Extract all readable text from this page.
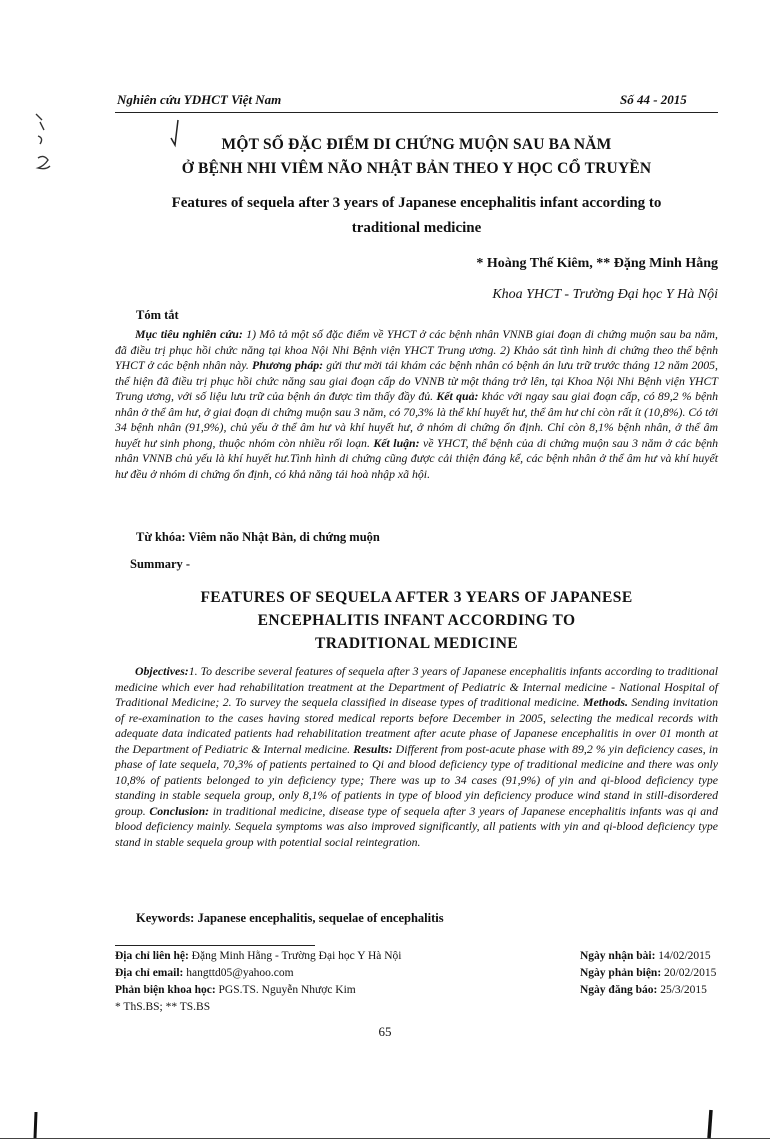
Nghiên cứu YDHCT Việt Nam	Số 44 - 2015
MỘT SỐ ĐẶC ĐIỂM DI CHỨNG MUỘN SAU BA NĂM
Ở BỆNH NHI VIÊM NÃO NHẬT BẢN THEO Y HỌC CỔ TRUYỀN
Features of sequela after 3 years of Japanese encephalitis infant according to
traditional medicine
* Hoàng Thế Kiêm, ** Đặng Minh Hằng
Khoa YHCT - Trường Đại học Y Hà Nội
Tóm tắt

Mục tiêu nghiên cứu: 1) Mô tả một số đặc điểm về YHCT ở các bệnh nhân VNNB giai đoạn di chứng muộn sau ba năm, đã điều trị phục hồi chức năng tại khoa Nội Nhi Bệnh viện YHCT Trung ương. 2) Khảo sát tình hình di chứng theo thể bệnh YHCT ở các bệnh nhân này. Phương pháp: gửi thư mời tái khám các bệnh nhân có bệnh án lưu trữ trước tháng 12 năm 2005, thể hiện đã điều trị phục hồi chức năng sau giai đoạn cấp do VNNB từ một tháng trở lên, tại Khoa Nội Nhi Bệnh viện YHCT Trung ương, với số liệu lưu trữ của bệnh án được tìm thấy đầy đủ. Kết quả: khác với ngay sau giai đoạn cấp, có 89,2 % bệnh nhân ở thể âm hư, ở giai đoạn di chứng muộn sau 3 năm, có 70,3% là thể khí huyết hư, thể âm hư chỉ còn rất ít (10,8%). Có tới 34 bệnh nhân (91,9%), chủ yếu ở thể âm hư và khí huyết hư, ở nhóm di chứng ổn định. Chỉ còn 8,1% bệnh nhân, ở thể âm huyết hư sinh phong, thuộc nhóm còn nhiều rối loạn. Kết luận: về YHCT, thể bệnh của di chứng muộn sau 3 năm ở các bệnh nhân VNNB chủ yếu là khí huyết hư.Tình hình di chứng cũng được cải thiện đáng kể, các bệnh nhân ở thể âm hư và khí huyết hư đều ở nhóm di chứng ổn định, có khả năng tái hoà nhập xã hội.

Từ khóa: Viêm não Nhật Bản, di chứng muộn
Summary -
FEATURES OF SEQUELA AFTER 3 YEARS OF JAPANESE
ENCEPHALITIS INFANT ACCORDING TO
TRADITIONAL MEDICINE

Objectives:1. To describe several features of sequela after 3 years of Japanese encephalitis infants according to traditional medicine which ever had rehabilitation treatment at the Department of Pediatric & Internal medicine - National Hospital of Traditional Medicine; 2. To survey the sequela classified in disease types of traditional medicine. Methods. Sending invitation of re-examination to the cases having stored medical reports before December in 2005, selecting the medical records with adequate data indicated patients had rehabilitation treatment after acute phase of Japanese encephalitis in over 01 month at the Department of Pediatric & Internal medicine. Results: Different from post-acute phase with 89,2 % yin deficiency cases, in phase of late sequela, 70,3% of patients pertained to Qi and blood deficiency type of traditional medicine and there was only 10,8% of patients belonged to yin deficiency type; There was up to 34 cases (91,9%) of yin and qi-blood deficiency type standing in stable sequela group, only 8,1% of patients in type of blood yin deficiency produce wind stand in still-disordered group. Conclusion: in traditional medicine, disease type of sequela after 3 years of Japanese encephalitis infants was qi and blood deficiency mainly. Sequela symptoms was also improved significantly, all patients with yin and qi-blood deficiency type stand in stable sequela group with potential social reintegration.

Keywords: Japanese encephalitis, sequelae of encephalitis
Địa chỉ liên hệ: Đặng Minh Hằng - Trường Đại học Y Hà Nội
Địa chỉ email: hangttd05@yahoo.com
Phản biện khoa học: PGS.TS. Nguyễn Nhược Kim
* ThS.BS; ** TS.BS
Ngày nhận bài: 14/02/2015
Ngày phản biện: 20/02/2015
Ngày đăng báo: 25/3/2015
65
